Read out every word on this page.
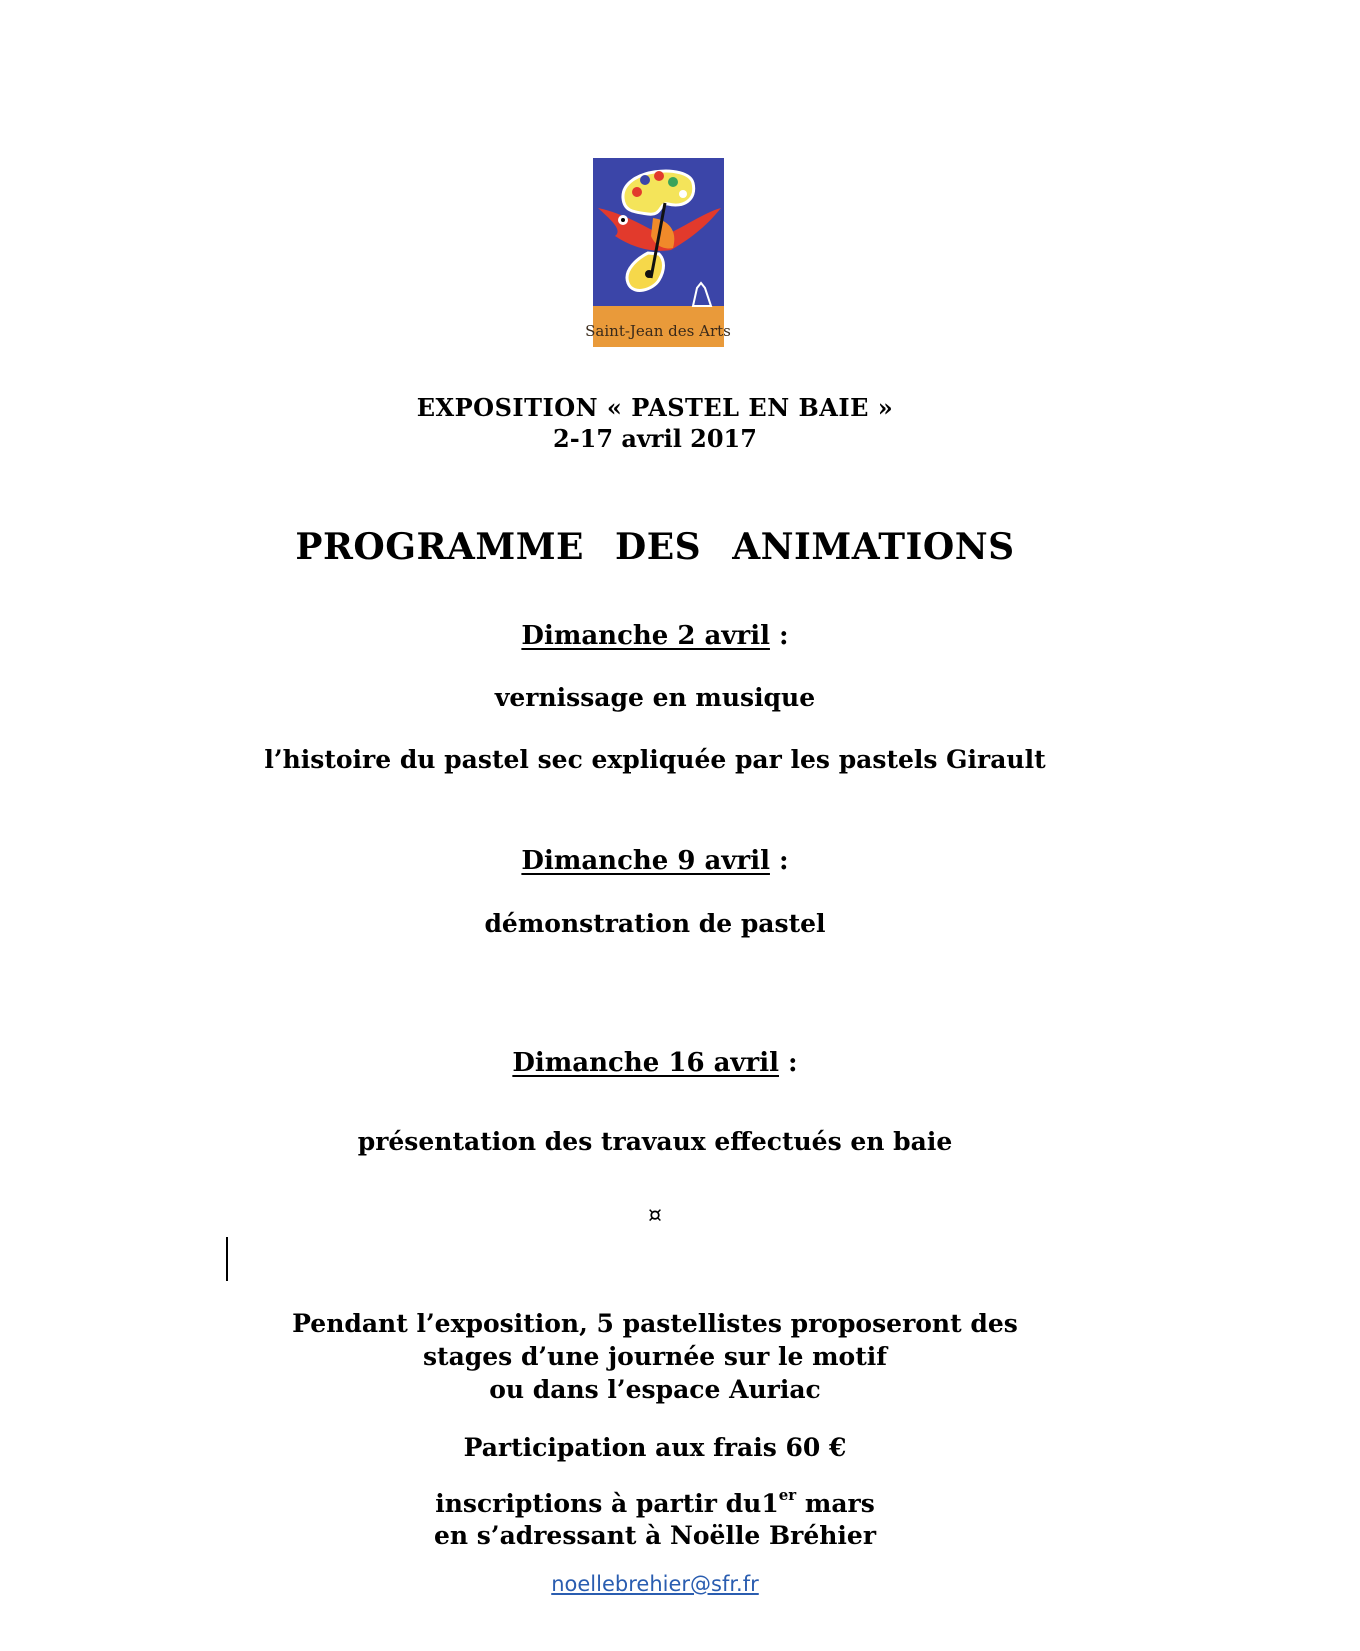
Saint-Jean des Arts
EXPOSITION « PASTEL EN BAIE »
2-17 avril 2017
PROGRAMME DES ANIMATIONS
Dimanche 2 avril :
vernissage en musique
l’histoire du pastel sec expliquée par les pastels Girault
Dimanche 9 avril :
démonstration de pastel
Dimanche 16 avril :
présentation des travaux effectués en baie
¤
Pendant l’exposition, 5 pastellistes proposeront des
stages d’une journée sur le motif
ou dans l’espace Auriac
Participation aux frais 60 €
inscriptions à partir du1er mars
en s’adressant à Noëlle Bréhier
noellebrehier@sfr.fr
